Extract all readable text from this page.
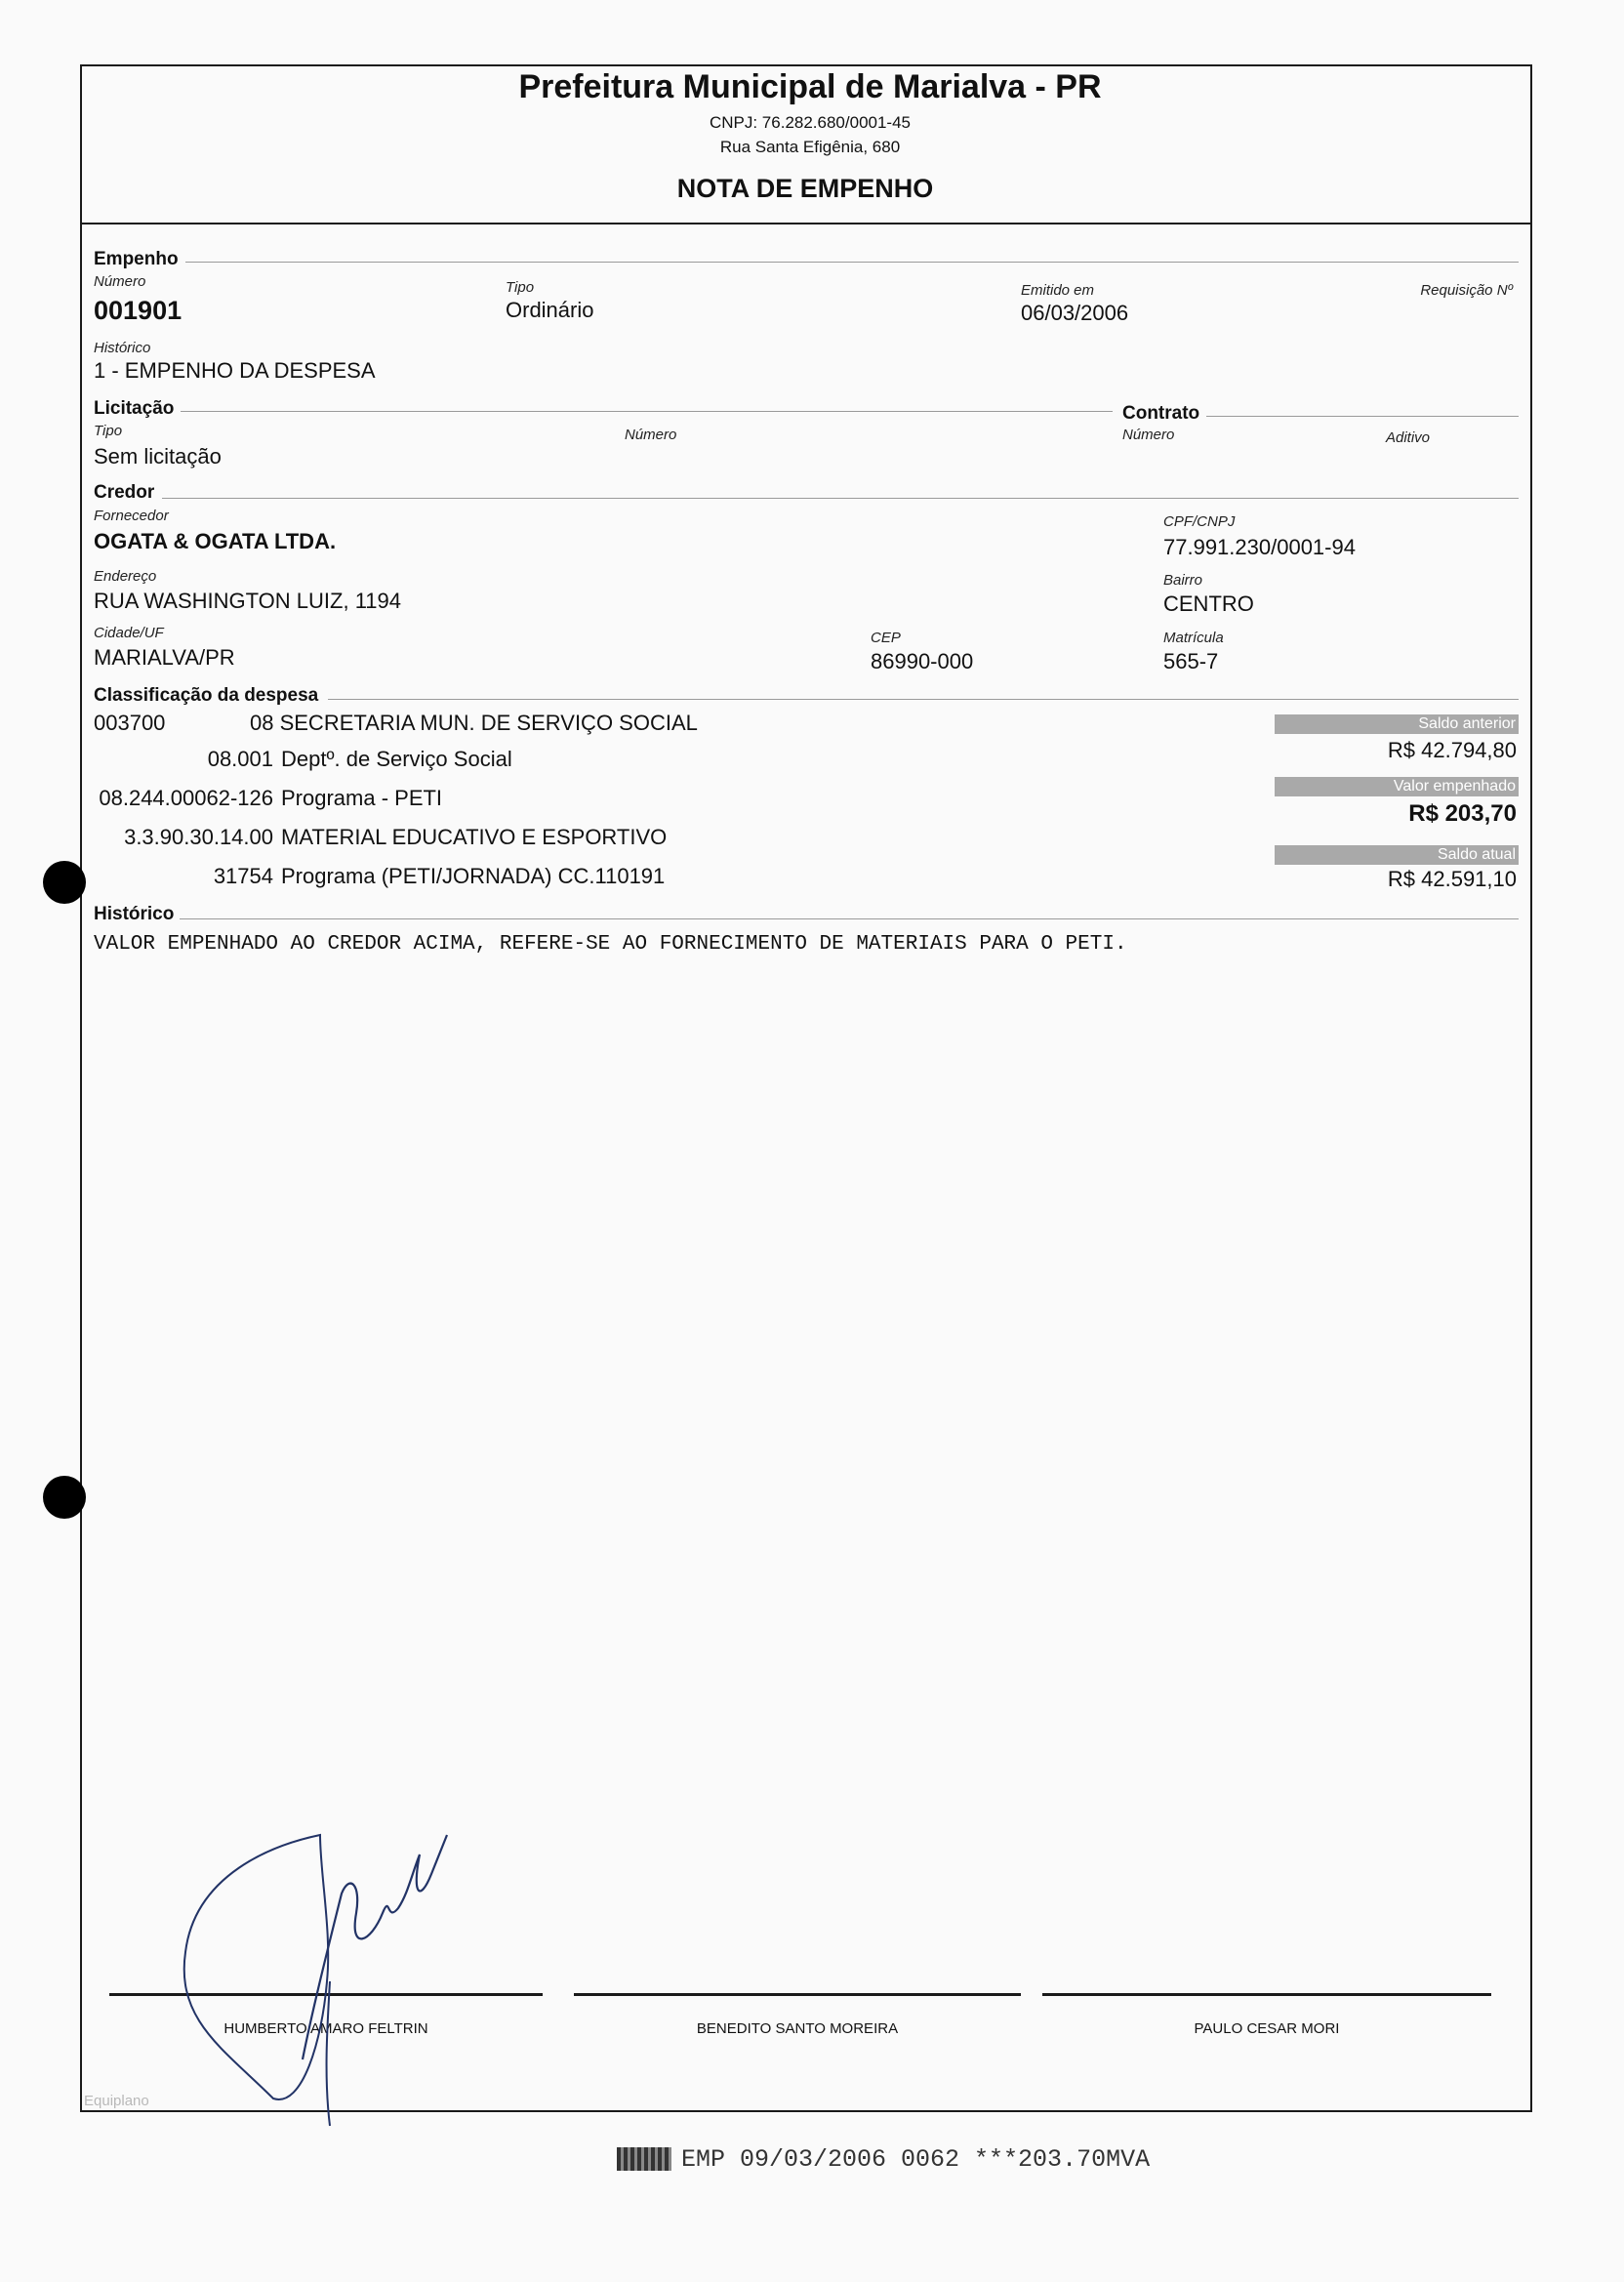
Prefeitura Municipal de Marialva - PR
CNPJ: 76.282.680/0001-45
Rua Santa Efigênia, 680
NOTA DE EMPENHO
Empenho
Número
001901
Tipo
Ordinário
Emitido em
06/03/2006
Requisição Nº
Histórico
1 - EMPENHO DA DESPESA
Licitação
Tipo
Sem licitação
Número
Contrato
Número	Aditivo
Credor
Fornecedor
OGATA & OGATA LTDA.
CPF/CNPJ
77.991.230/0001-94
Endereço
RUA WASHINGTON LUIZ, 1194
Bairro
CENTRO
Cidade/UF
MARIALVA/PR
CEP
86990-000
Matrícula
565-7
Classificação da despesa
003700	08 SECRETARIA MUN. DE SERVIÇO SOCIAL
08.001 Deptº. de Serviço Social
08.244.00062-126 Programa - PETI
3.3.90.30.14.00 MATERIAL EDUCATIVO E ESPORTIVO
31754 Programa (PETI/JORNADA) CC.110191
Saldo anterior
R$ 42.794,80
Valor empenhado
R$ 203,70
Saldo atual
R$ 42.591,10
Histórico
VALOR EMPENHADO AO CREDOR ACIMA, REFERE-SE AO FORNECIMENTO DE MATERIAIS PARA O PETI.
HUMBERTO AMARO FELTRIN	BENEDITO SANTO MOREIRA	PAULO CESAR MORI
Equiplano
EMP 09/03/2006 0062 ***203.70MVA
